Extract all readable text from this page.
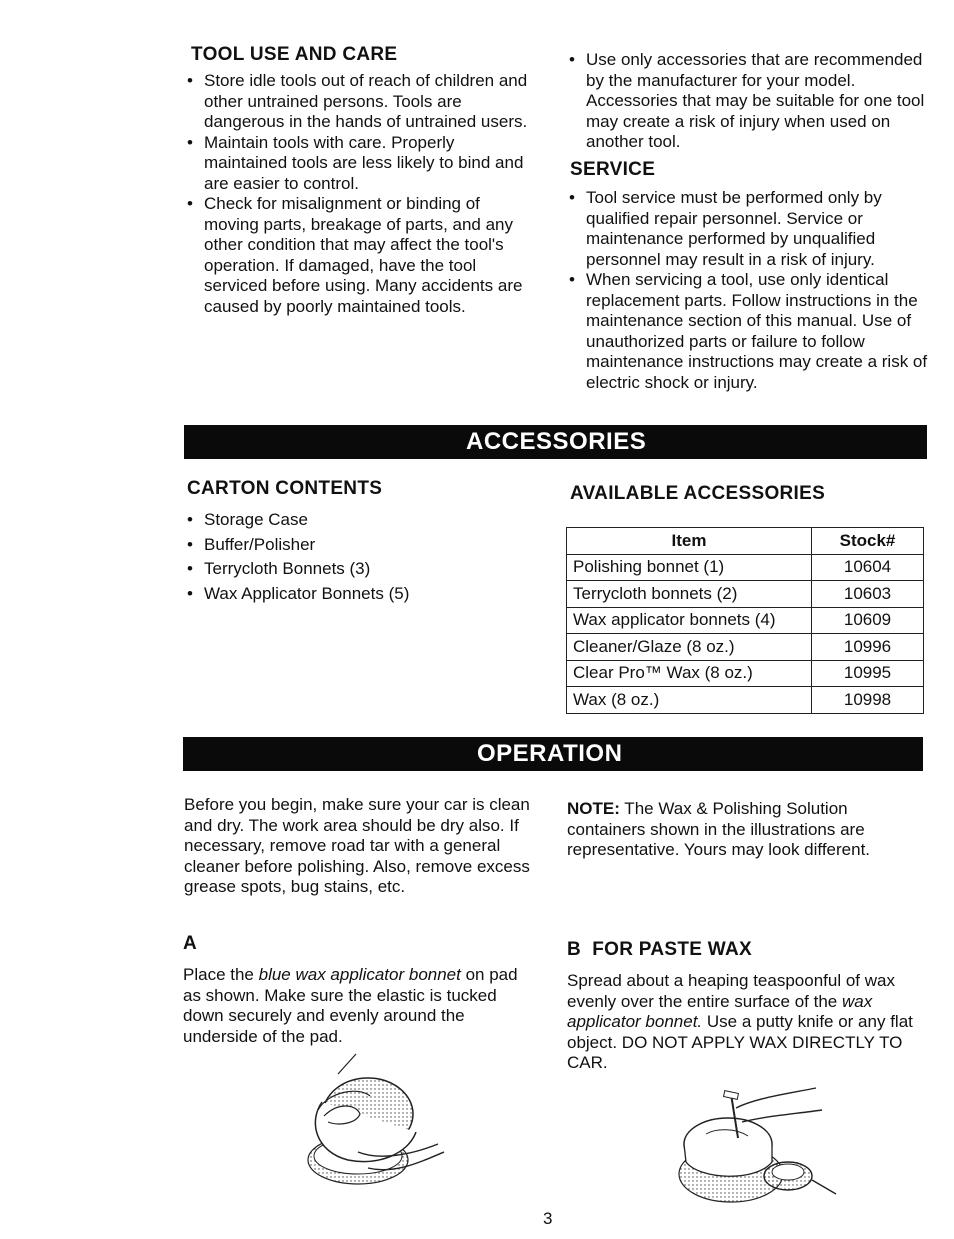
TOOL USE AND CARE
• Store idle tools out of reach of children and other untrained persons. Tools are dangerous in the hands of untrained users.
• Maintain tools with care. Properly maintained tools are less likely to bind and are easier to control.
• Check for misalignment or binding of moving parts, breakage of parts, and any other condition that may affect the tool's operation. If damaged, have the tool serviced before using. Many accidents are caused by poorly maintained tools.
• Use only accessories that are recommended by the manufacturer for your model. Accessories that may be suitable for one tool may create a risk of injury when used on another tool.
SERVICE
• Tool service must be performed only by qualified repair personnel. Service or maintenance performed by unqualified personnel may result in a risk of injury.
• When servicing a tool, use only identical replacement parts. Follow instructions in the maintenance section of this manual. Use of unauthorized parts or failure to follow maintenance instructions may create a risk of electric shock or injury.
ACCESSORIES
CARTON CONTENTS
• Storage Case
• Buffer/Polisher
• Terrycloth Bonnets (3)
• Wax Applicator Bonnets (5)
AVAILABLE ACCESSORIES
Item	Stock#
Polishing bonnet (1)	10604
Terrycloth bonnets (2)	10603
Wax applicator bonnets (4)	10609
Cleaner/Glaze (8 oz.)	10996
Clear Pro™ Wax (8 oz.)	10995
Wax (8 oz.)	10998
OPERATION
Before you begin, make sure your car is clean and dry. The work area should be dry also. If necessary, remove road tar with a general cleaner before polishing. Also, remove excess grease spots, bug stains, etc.
NOTE: The Wax & Polishing Solution containers shown in the illustrations are representative. Yours may look different.
A
Place the blue wax applicator bonnet on pad as shown. Make sure the elastic is tucked down securely and evenly around the underside of the pad.
B FOR PASTE WAX
Spread about a heaping teaspoonful of wax evenly over the entire surface of the wax applicator bonnet. Use a putty knife or any flat object. DO NOT APPLY WAX DIRECTLY TO CAR.
3
